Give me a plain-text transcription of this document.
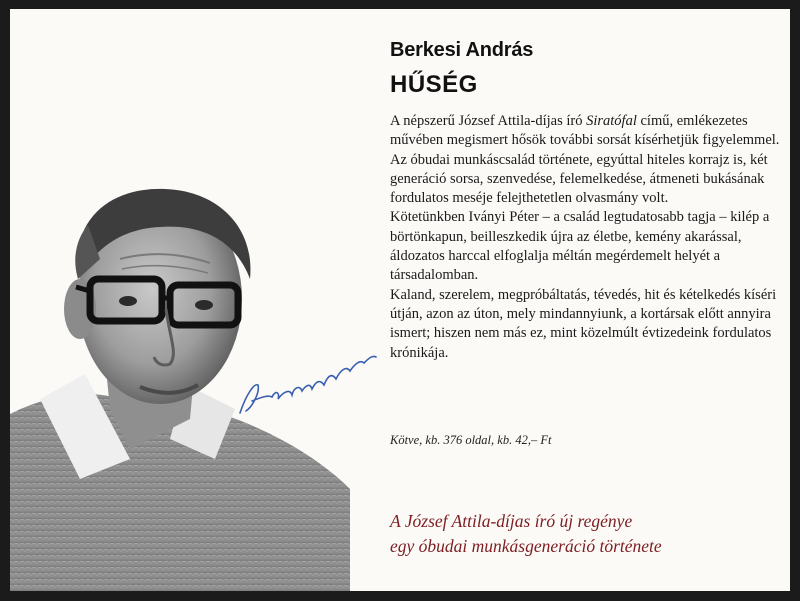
Berkesi András
HŰSÉG

A népszerű József Attila-díjas író Siratófal című, emlékezetes művében megismert hősök további sorsát kísérhetjük figyelemmel.

Az óbudai munkáscsalád története, egyúttal hiteles korrajz is, két generáció sorsa, szenvedése, felemelkedése, átmeneti bukásának fordulatos meséje felejthetetlen olvasmány volt.

Kötetünkben Iványi Péter – a család legtudatosabb tagja – kilép a börtönkapun, beilleszkedik újra az életbe, kemény akarással, áldozatos harccal elfoglalja méltán megérdemelt helyét a társadalomban.

Kaland, szerelem, megpróbáltatás, tévedés, hit és kételkedés kíséri útján, azon az úton, mely mindannyiunk, a kortársak előtt annyira ismert; hiszen nem más ez, mint közelmúlt évtizedeink fordulatos krónikája.

Kötve, kb. 376 oldal, kb. 42,– Ft

A József Attila-díjas író új regénye
egy óbudai munkásgeneráció története
